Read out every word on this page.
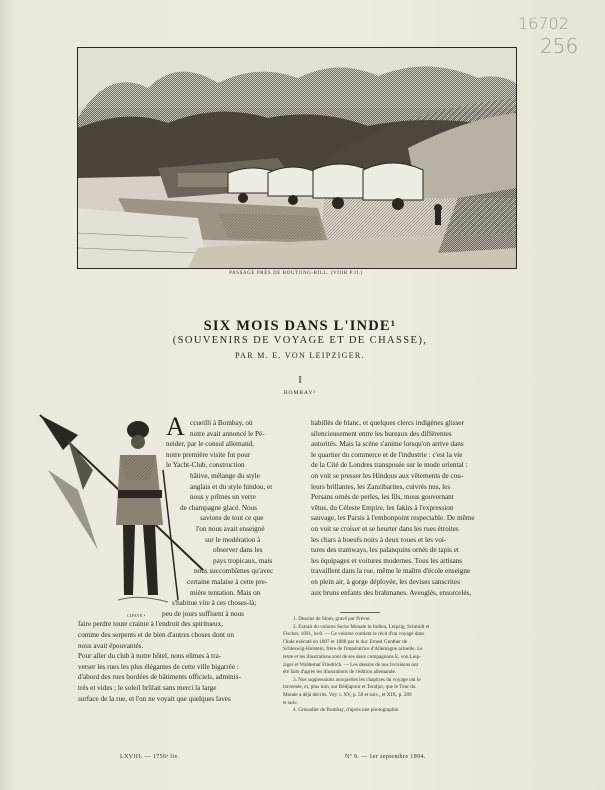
16702
256
PASSAGE PRÈS DE BOUTONG-BILL. (VOIR P.II.)
SIX MOIS DANS L'INDE¹
(SOUVENIRS DE VOYAGE ET DE CHASSE),
PAR M. E. VON LEIPZIGER.
I
BOMBAY²
CIPAYE.⁴
A ccueilli à Bombay, où
notre avait annoncé le Pé-
neider, par le consul allemand,
notre première visite fut pour
le Yacht-Club, construction
hâtive, mélange du style
anglais et du style hindou, et
nous y prîmes un verre
de champagne glacé. Nous
savions de tout ce que
l'on nous avait enseigné
sur le modération à
observer dans les
pays tropicaux, mais
nous succombâmes qu'avec
certaine malaise à cette pre-
mière tentation. Mais on
s'habitue vite à ces choses-là;
peu de jours suffisent à nous
faire perdre toute crainte à l'endroit des spiritueux,
comme des serpents et de bien d'autres choses dont on
nous avait épouvantés.
Pour aller du club à notre hôtel, nous eûmes à tra-
verser les rues les plus élégantes de cette ville bigarrée :
d'abord des rues bordées de bâtiments officiels, adminis-
trés et vides ; le soleil brûlait sans merci la large
surface de la rue, et l'on ne voyait que quelques laves
habillés de blanc, et quelques clercs indigènes glisser
silencieusement entre les bureaux des différentes
autorités. Mais la scène s'anime lorsqu'on arrive dans
le quartier du commerce et de l'industrie : c'est la vie
de la Cité de Londres transposée sur le mode oriental :
on voit se presser les Hindous aux vêtements de cou-
leurs brillantes, les Zanzibarites, cuivrés nus, les
Persans ornés de perles, les fils, mous gouvernant
vêtus, du Céleste Empire, les fakirs à l'expression
sauvage, les Parsis à l'embonpoint respectable. De même
on voit se croiser et se heurter dans les rues étroites
les chars à boeufs noirs à deux roues et les voi-
tures des tramways, les palanquins ornés de tapis et
les équipages et voitures modernes. Tous les artisans
travaillent dans la rue, même le maître d'école enseigne
en plein air, à gorge déployée, les devises sanscrites
aux bruns enfants des brahmanes. Aveuglés, ensorcelés,
1. Dessins de Slom, gravé par Prévot.
2. Extrait du volume Sechs Monate in Indien, Leipzig, Schmidt et
Fischer, 1891, in-8. — Ce volume contient le récit d'un voyage dans
l'Inde exécuté en 1887 et 1888 par le duc Ernest Gunther de
Schleswig-Holstein, frère de l'impératrice d'Allemagne actuelle. Le
texte et les illustrations sont de ses deux compagnons E. von Leip-
ziger et Waldemar Friedrich. — Les dessins de nos livraisons ont
été faits d'après les illustrations de l'édition allemande.
3. Nos suppressions auxquelles les chapitres du voyage ont le
traversée, et, plus loin, sur Bédjapour et Tondjor, que le Tour du
Monde a déjà décrits. Voy. t. XV, p. 58 et suiv., et XIX, p. 289
et suiv.
4. Grenadier de Bombay, d'après une photographie.
LXVIII. — 1756ᵉ liv.	Nº 9. — 1er septembre 1894.
